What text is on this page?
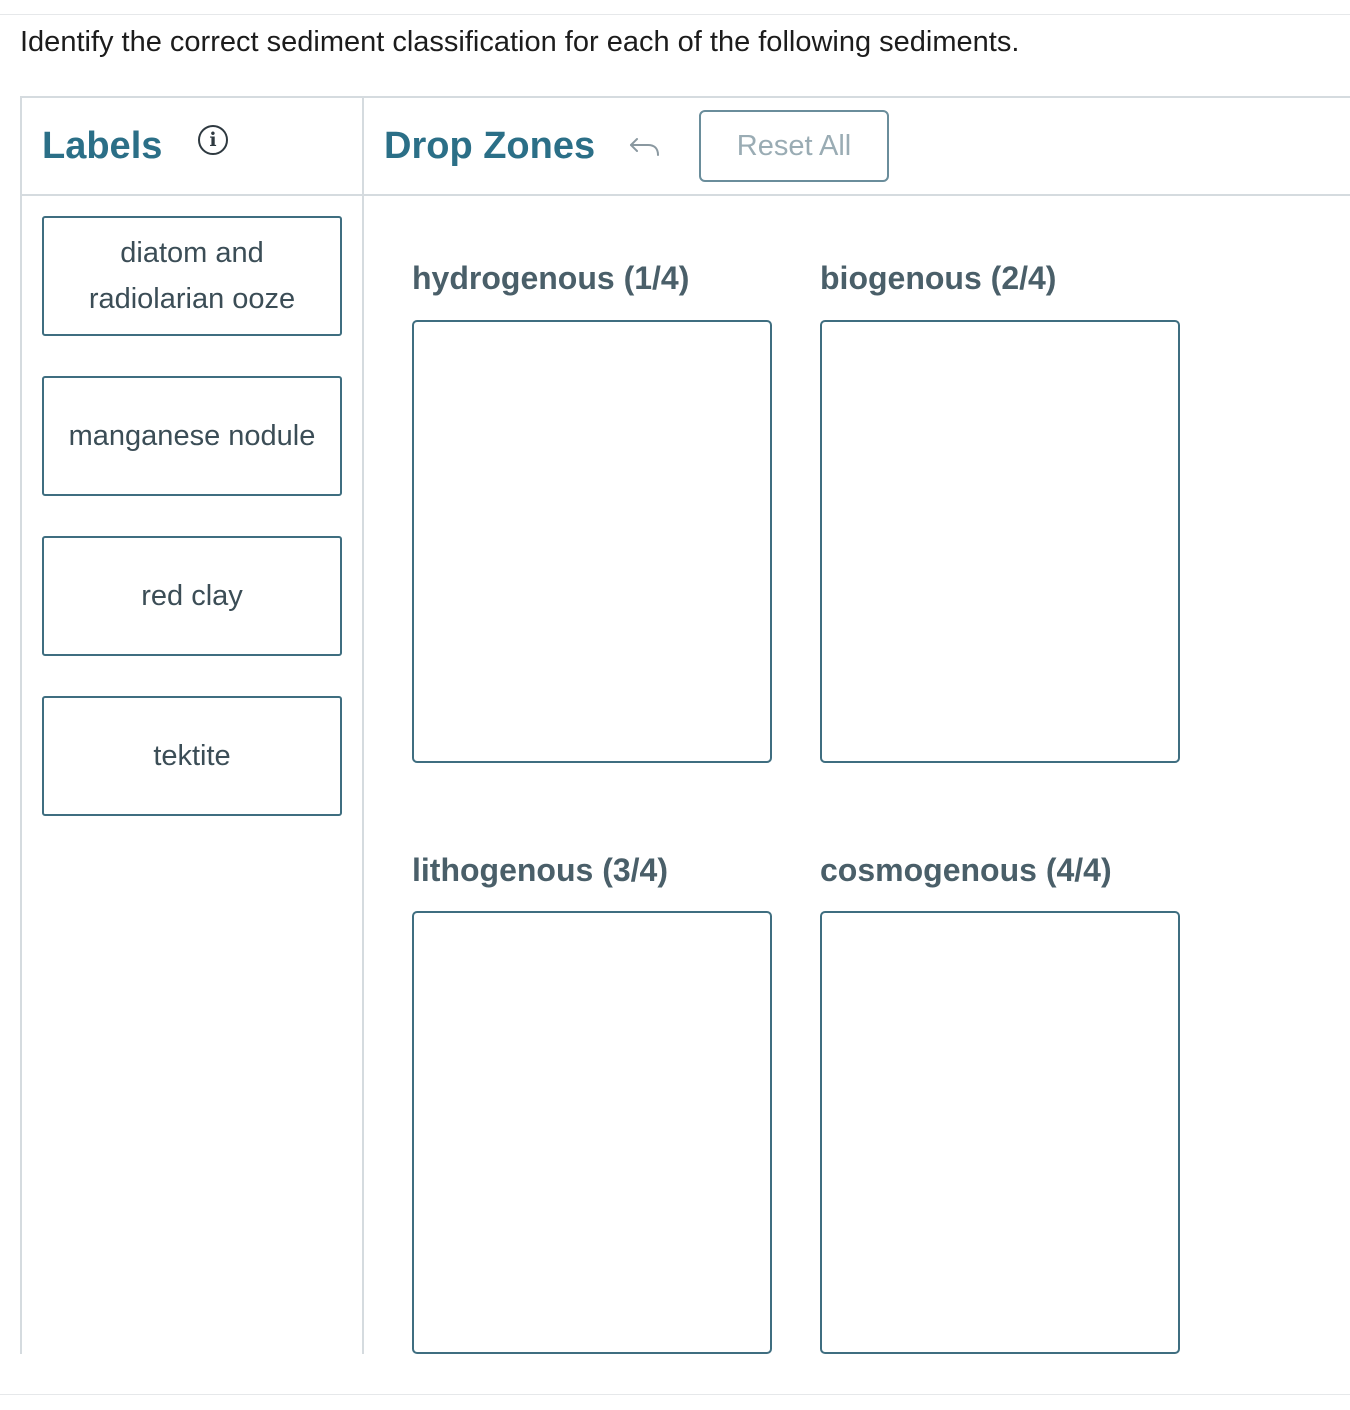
Identify the correct sediment classification for each of the following sediments.
Labels	i	Drop Zones	Reset All
diatom and radiolarian ooze
manganese nodule
red clay
tektite
hydrogenous (1/4)	biogenous (2/4)
lithogenous (3/4)	cosmogenous (4/4)
